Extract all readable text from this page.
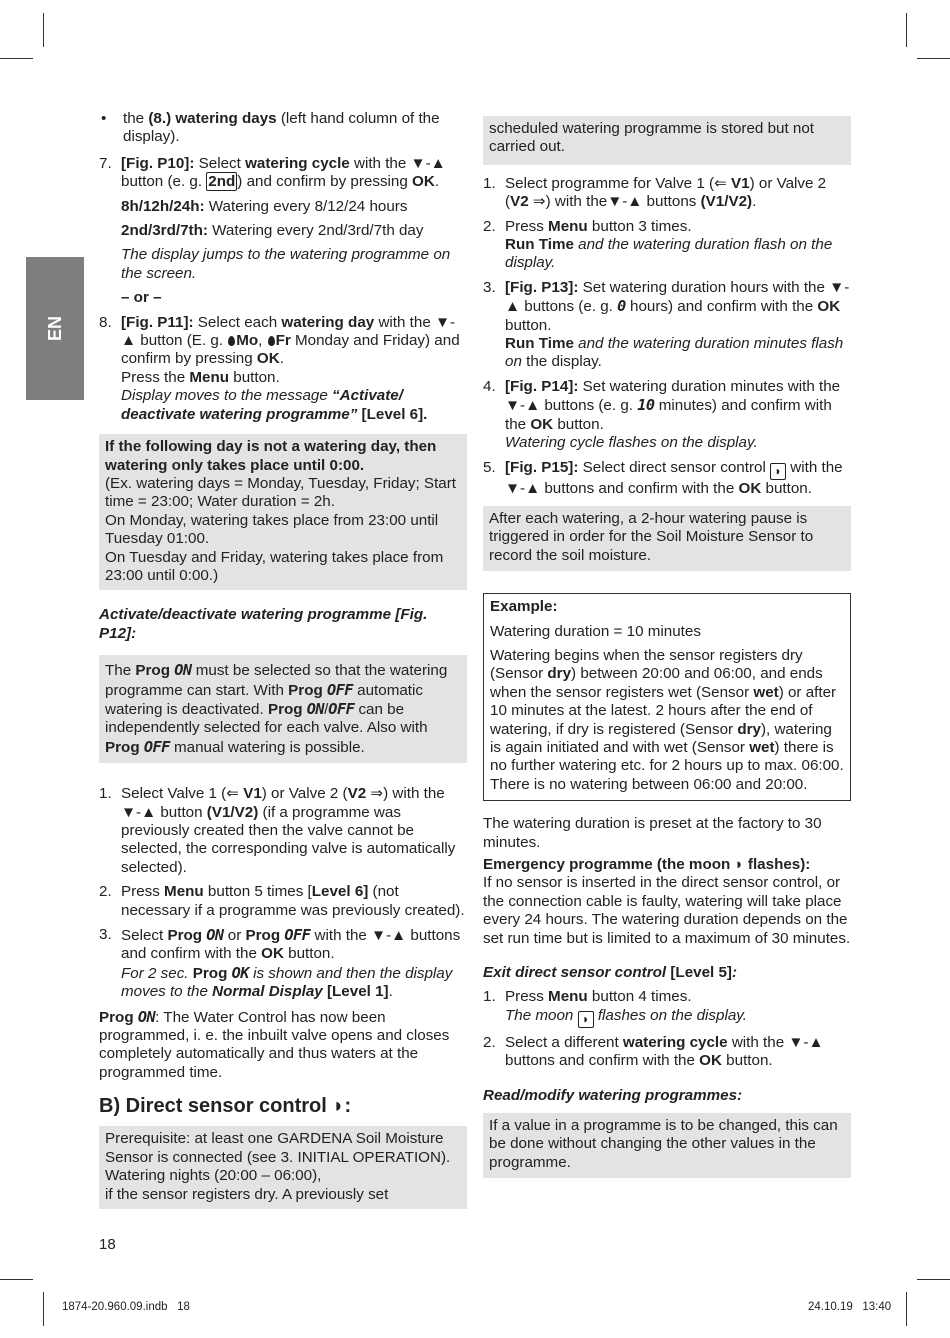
EN
•	the (8.) watering days (left hand column of the display).
7. [Fig. P10]: Select watering cycle with the ▼-▲ button (e. g. 2nd ) and confirm by pressing OK.

8h/12h/24h: Watering every 8/12/24 hours

2nd/3rd/7th: Watering every 2nd/3rd/7th day

The display jumps to the watering programme on the screen.

– or –

8. [Fig. P11]: Select each watering day with the ▼-▲ button (E. g. Mo, Fr Monday and Friday) and confirm by pressing OK.

Press the Menu button.

Display moves to the message “Activate/ deactivate watering programme” [Level 6].

If the following day is not a watering day, then watering only takes place until 0:00.

(Ex. watering days = Monday, Tuesday, Friday; Start time = 23:00; Water duration = 2h.

On Monday, watering takes place from 23:00 until Tuesday 01:00.

On Tuesday and Friday, watering takes place from 23:00 until 0:00.)

Activate/deactivate watering programme [Fig. P12]:

The Prog ON must be selected so that the watering programme can start. With Prog OFF automatic watering is deactivated. Prog ON/OFF can be independently selected for each valve. Also with Prog OFF manual watering is possible.

1. Select Valve 1 (⇐ V1) or Valve 2 (V2 ⇒) with the ▼-▲ button (V1/V2) (if a programme was previously created then the valve cannot be selected, the corresponding valve is automatically selected).
2. Press Menu button 5 times [Level 6] (not necessary if a programme was previously created).
3. Select Prog ON or Prog OFF with the ▼-▲ buttons and confirm with the OK button.
For 2 sec. Prog OK is shown and then the display moves to the Normal Display [Level 1].

Prog ON: The Water Control has now been programmed, i. e. the inbuilt valve opens and closes completely automatically and thus waters at the programmed time.

B) Direct sensor control ◗:

Prerequisite: at least one GARDENA Soil Moisture Sensor is connected (see 3. INITIAL OPERATION).

Watering nights (20:00 – 06:00),

if the sensor registers dry. A previously set

scheduled watering programme is stored but not carried out.

1. Select programme for Valve 1 (⇐ V1) or Valve 2 (V2 ⇒) with the▼-▲ buttons (V1/V2).
2. Press Menu button 3 times.
Run Time and the watering duration flash on the display.
3. [Fig. P13]: Set watering duration hours with the ▼-▲ buttons (e. g. 0 hours) and confirm with the OK button.
Run Time and the watering duration minutes flash on the display.
4. [Fig. P14]: Set watering duration minutes with the ▼-▲ buttons (e. g. 10 minutes) and confirm with the OK button.
Watering cycle flashes on the display.
5. [Fig. P15]: Select direct sensor control ◗ with the ▼-▲ buttons and confirm with the OK button.

After each watering, a 2-hour watering pause is triggered in order for the Soil Moisture Sensor to record the soil moisture.

Example:

Watering duration = 10 minutes

Watering begins when the sensor registers dry (Sensor dry) between 20:00 and 06:00, and ends when the sensor registers wet (Sensor wet) or after 10 minutes at the latest. 2 hours after the end of watering, if dry is registered (Sensor dry), watering is again initiated and with wet (Sensor wet) there is no further watering etc. for 2 hours up to max. 06:00. There is no watering between 06:00 and 20:00.

The watering duration is preset at the factory to 30 minutes.

Emergency programme (the moon ◗ flashes):

If no sensor is inserted in the direct sensor control, or the connection cable is faulty, watering will take place every 24 hours. The watering duration depends on the set run time but is limited to a maximum of 30 minutes.

Exit direct sensor control [Level 5]:

1. Press Menu button 4 times.
The moon ◗ flashes on the display.
2. Select a different watering cycle with the ▼-▲ buttons and confirm with the OK button.

Read/modify watering programmes:

If a value in a programme is to be changed, this can be done without changing the other values in the programme.

18
1874-20.960.09.indb   18	24.10.19   13:40
